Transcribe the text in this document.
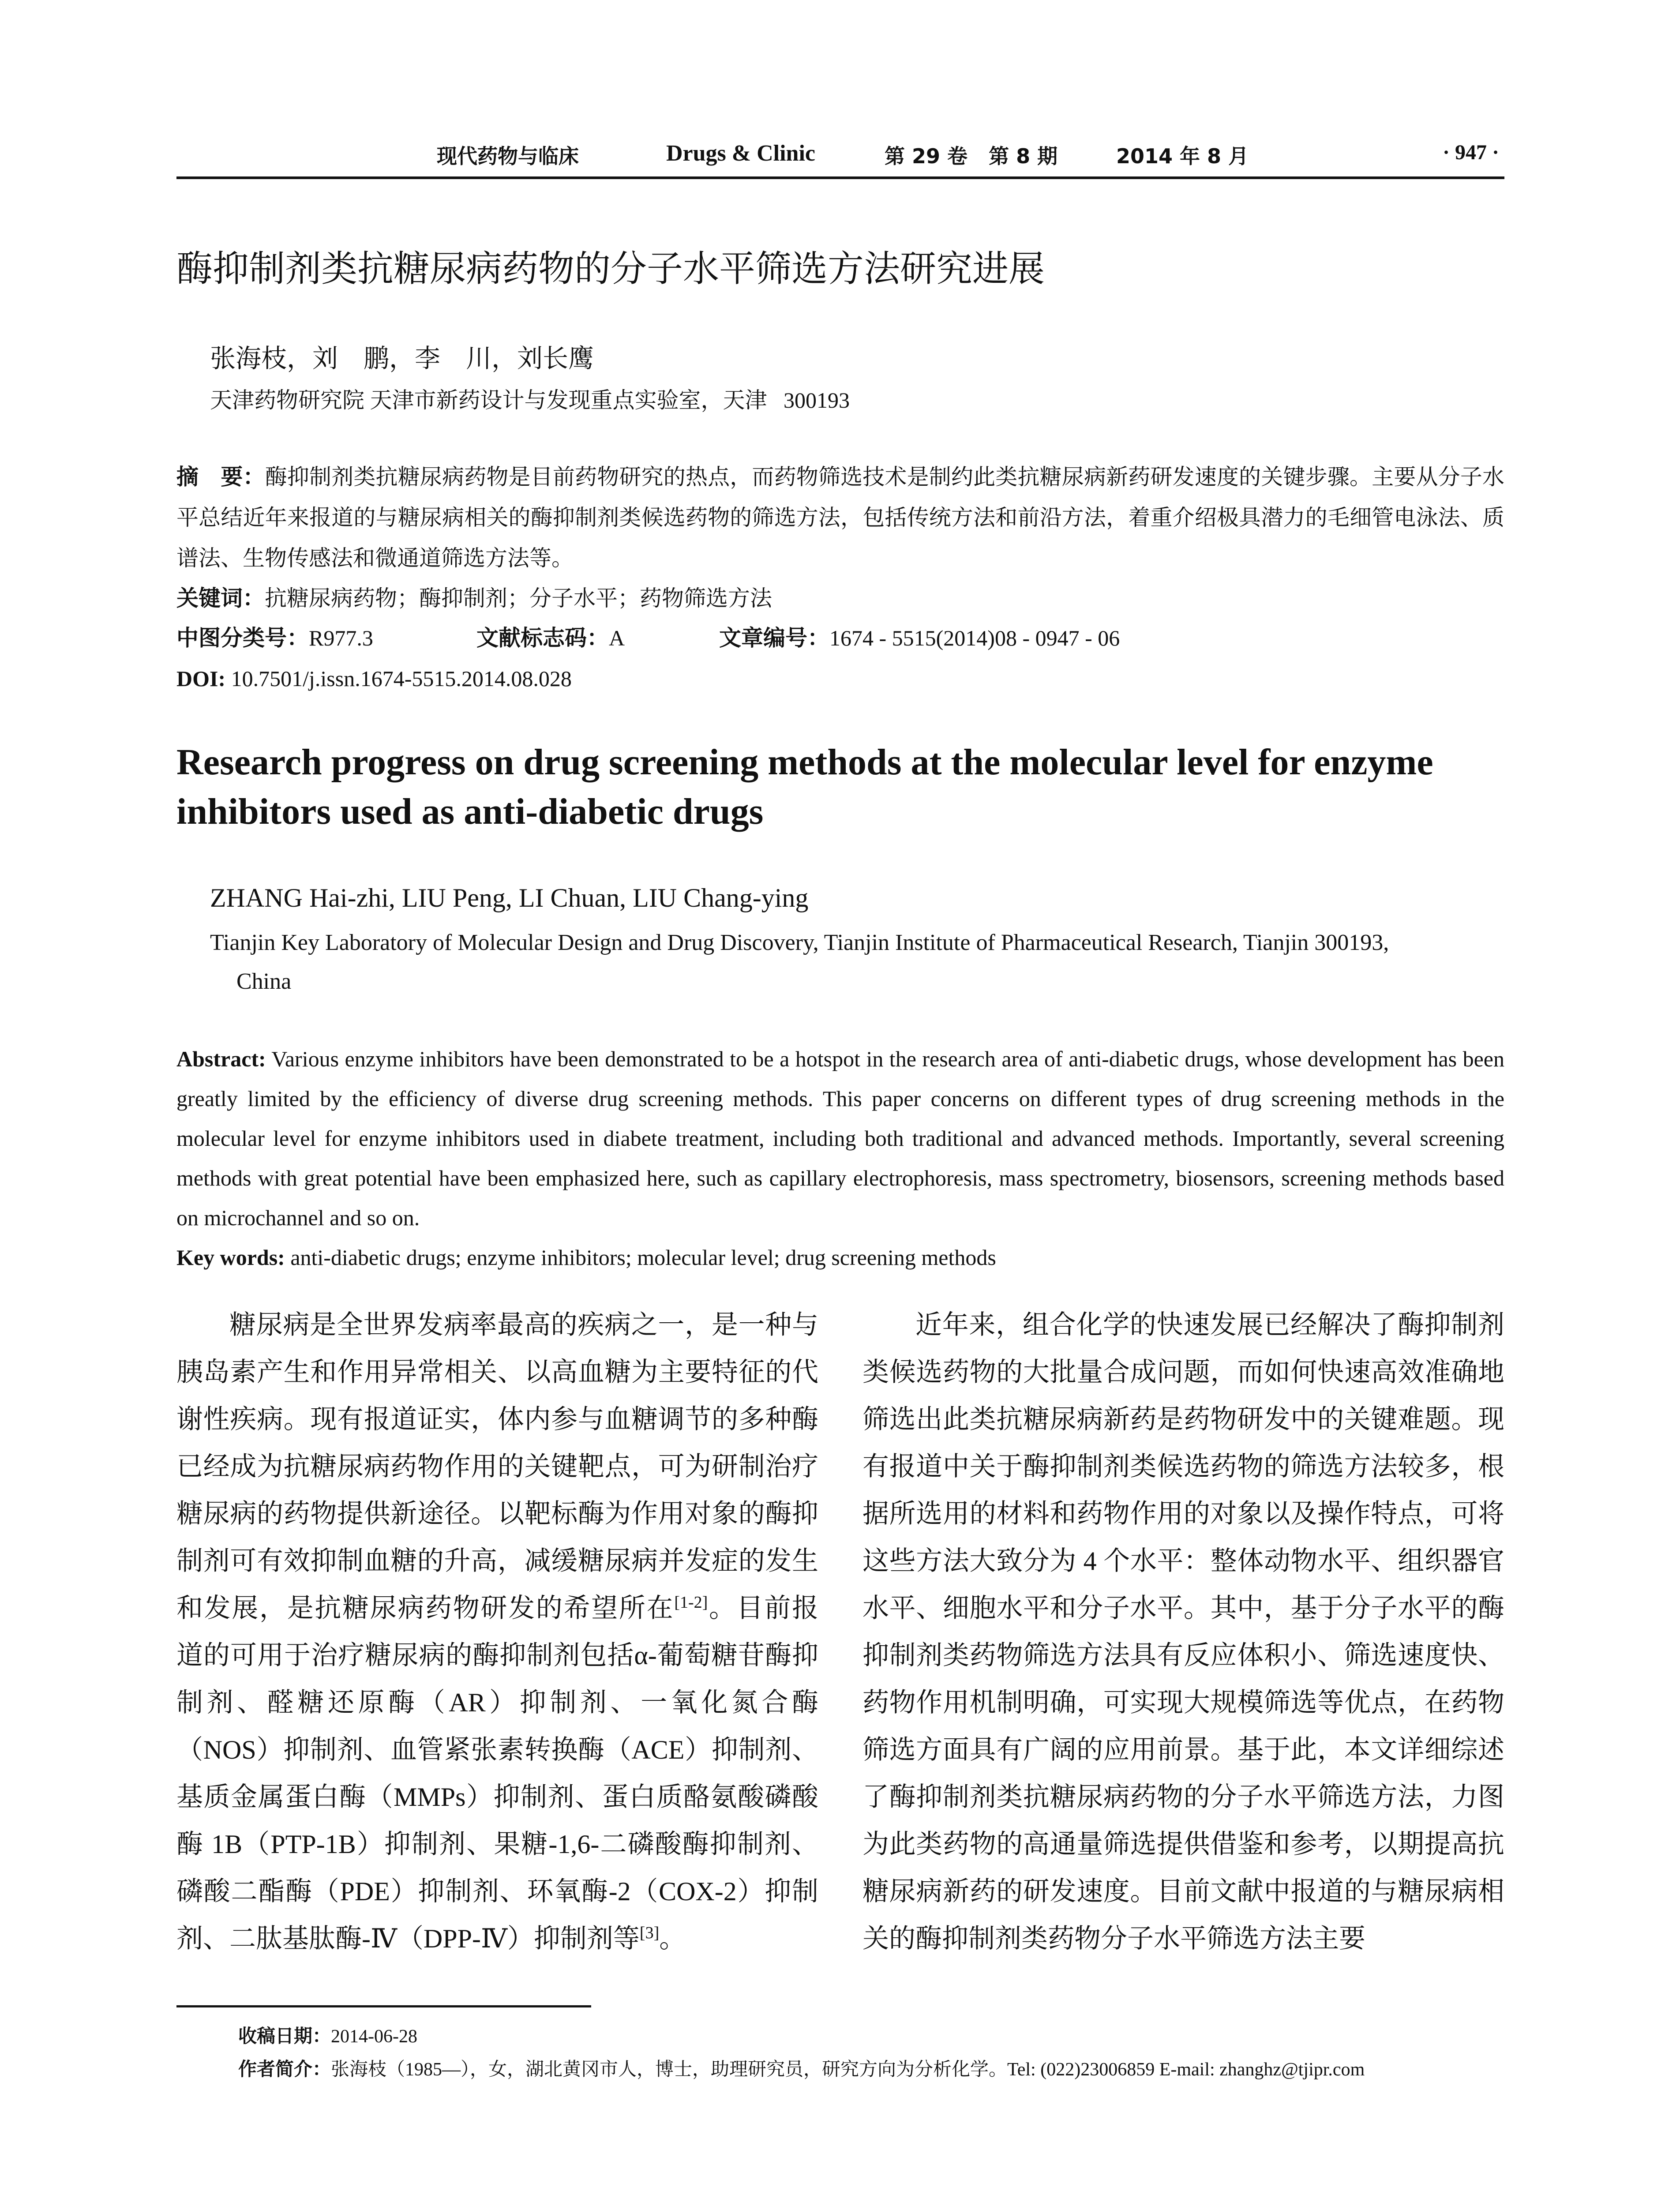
现代药物与临床	Drugs & Clinic	第 29 卷   第 8 期	2014 年 8 月	· 947 ·
酶抑制剂类抗糖尿病药物的分子水平筛选方法研究进展
张海枝，刘　鹏，李　川，刘长鹰
天津药物研究院 天津市新药设计与发现重点实验室，天津   300193
摘　要：酶抑制剂类抗糖尿病药物是目前药物研究的热点，而药物筛选技术是制约此类抗糖尿病新药研发速度的关键步骤。主要从分子水平总结近年来报道的与糖尿病相关的酶抑制剂类候选药物的筛选方法，包括传统方法和前沿方法，着重介绍极具潜力的毛细管电泳法、质谱法、生物传感法和微通道筛选方法等。
关键词：抗糖尿病药物；酶抑制剂；分子水平；药物筛选方法
中图分类号：R977.3	文献标志码：A	文章编号：1674 - 5515(2014)08 - 0947 - 06
DOI: 10.7501/j.issn.1674-5515.2014.08.028
Research progress on drug screening methods at the molecular level for enzyme inhibitors used as anti-diabetic drugs
ZHANG Hai-zhi, LIU Peng, LI Chuan, LIU Chang-ying
Tianjin Key Laboratory of Molecular Design and Drug Discovery, Tianjin Institute of Pharmaceutical Research, Tianjin 300193,
China
Abstract: Various enzyme inhibitors have been demonstrated to be a hotspot in the research area of anti-diabetic drugs, whose development has been greatly limited by the efficiency of diverse drug screening methods. This paper concerns on different types of drug screening methods in the molecular level for enzyme inhibitors used in diabete treatment, including both traditional and advanced methods. Importantly, several screening methods with great potential have been emphasized here, such as capillary electrophoresis, mass spectrometry, biosensors, screening methods based on microchannel and so on.
Key words: anti-diabetic drugs; enzyme inhibitors; molecular level; drug screening methods
糖尿病是全世界发病率最高的疾病之一，是一种与胰岛素产生和作用异常相关、以高血糖为主要特征的代谢性疾病。现有报道证实，体内参与血糖调节的多种酶已经成为抗糖尿病药物作用的关键靶点，可为研制治疗糖尿病的药物提供新途径。以靶标酶为作用对象的酶抑制剂可有效抑制血糖的升高，减缓糖尿病并发症的发生和发展，是抗糖尿病药物研发的希望所在[1-2]。目前报道的可用于治疗糖尿病的酶抑制剂包括α-葡萄糖苷酶抑制剂、醛糖还原酶（AR）抑制剂、一氧化氮合酶（NOS）抑制剂、血管紧张素转换酶（ACE）抑制剂、基质金属蛋白酶（MMPs）抑制剂、蛋白质酪氨酸磷酸酶 1B（PTP-1B）抑制剂、果糖-1,6-二磷酸酶抑制剂、磷酸二酯酶（PDE）抑制剂、环氧酶-2（COX-2）抑制剂、二肽基肽酶-Ⅳ（DPP-Ⅳ）抑制剂等[3]。
近年来，组合化学的快速发展已经解决了酶抑制剂类候选药物的大批量合成问题，而如何快速高效准确地筛选出此类抗糖尿病新药是药物研发中的关键难题。现有报道中关于酶抑制剂类候选药物的筛选方法较多，根据所选用的材料和药物作用的对象以及操作特点，可将这些方法大致分为 4 个水平：整体动物水平、组织器官水平、细胞水平和分子水平。其中，基于分子水平的酶抑制剂类药物筛选方法具有反应体积小、筛选速度快、药物作用机制明确，可实现大规模筛选等优点，在药物筛选方面具有广阔的应用前景。基于此，本文详细综述了酶抑制剂类抗糖尿病药物的分子水平筛选方法，力图为此类药物的高通量筛选提供借鉴和参考，以期提高抗糖尿病新药的研发速度。目前文献中报道的与糖尿病相关的酶抑制剂类药物分子水平筛选方法主要
收稿日期：2014-06-28
作者简介：张海枝（1985—），女，湖北黄冈市人，博士，助理研究员，研究方向为分析化学。Tel: (022)23006859 E-mail: zhanghz@tjipr.com
